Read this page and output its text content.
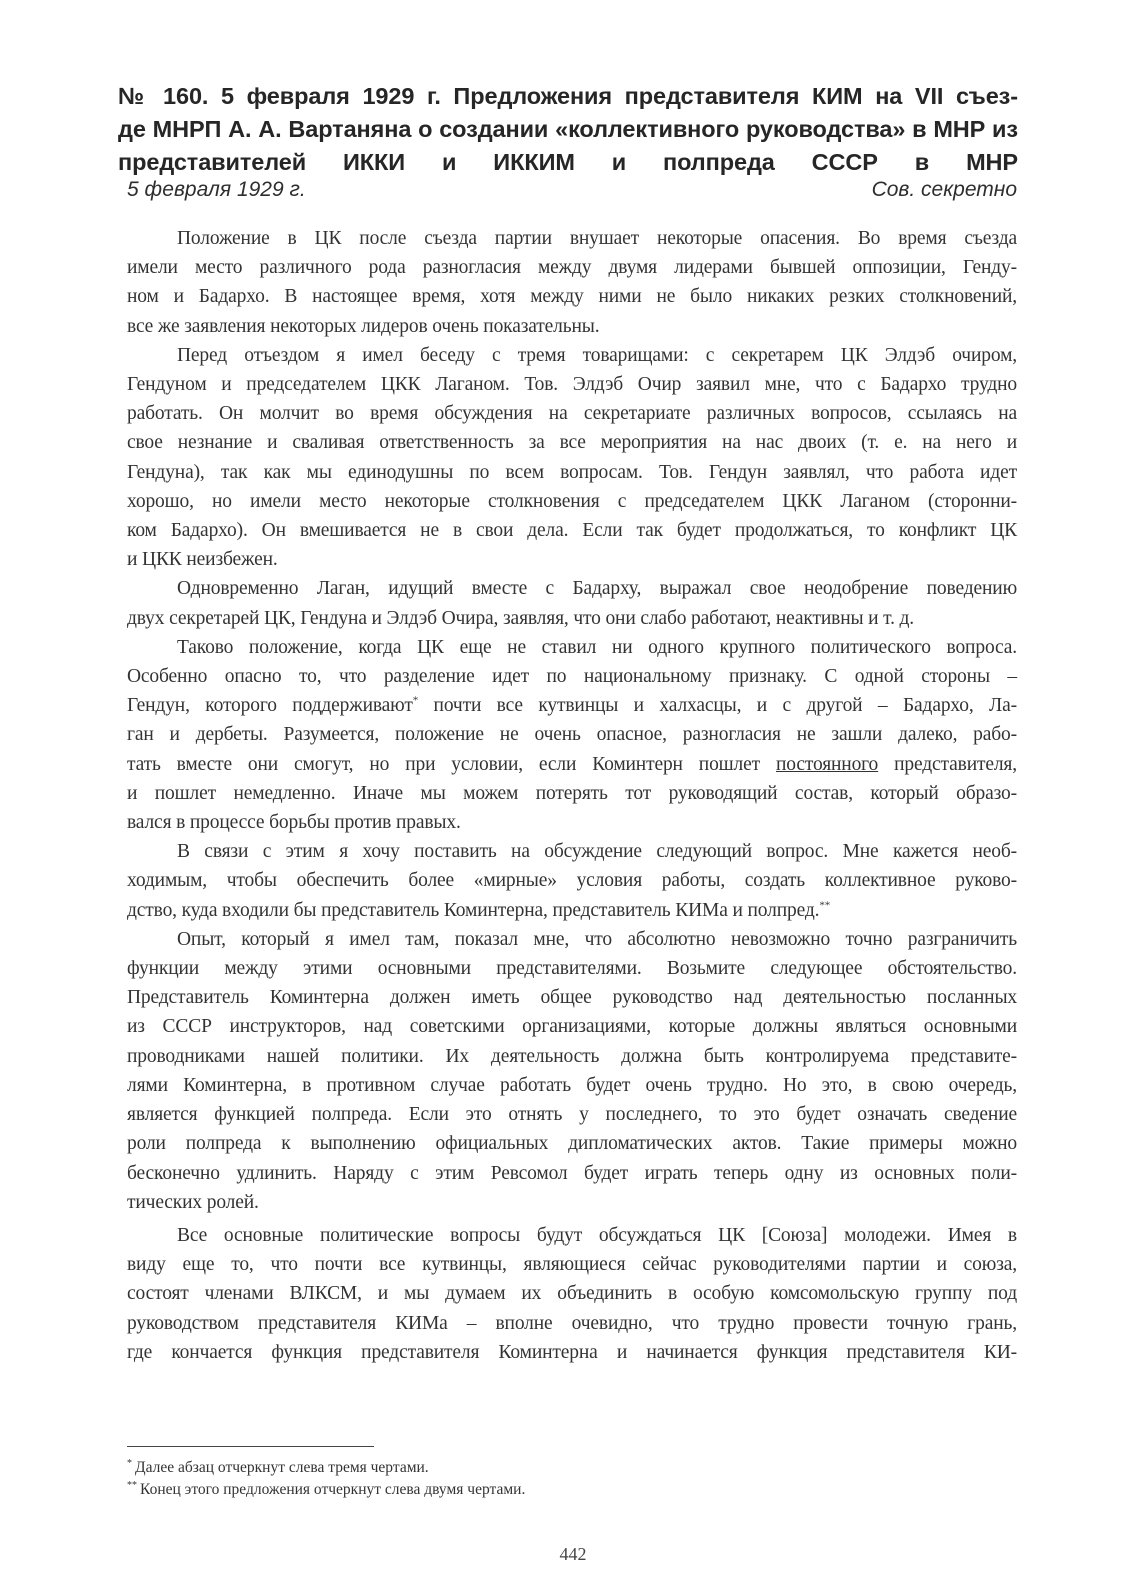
№ 160. 5 февраля 1929 г. Предложения представителя КИМ на VII съез-
де МНРП А. А. Вартаняна о создании «коллективного руководства» в МНР из
представителей ИККИ и ИККИМ и полпреда СССР в МНР
5 февраля 1929 г.	Сов. секретно
Положение в ЦК после съезда партии внушает некоторые опасения. Во время съезда
имели место различного рода разногласия между двумя лидерами бывшей оппозиции, Генду-
ном и Бадархо. В настоящее время, хотя между ними не было никаких резких столкновений,
все же заявления некоторых лидеров очень показательны.
Перед отъездом я имел беседу с тремя товарищами: с секретарем ЦК Элдэб очиром,
Гендуном и председателем ЦКК Лаганом. Тов. Элдэб Очир заявил мне, что с Бадархо трудно
работать. Он молчит во время обсуждения на секретариате различных вопросов, ссылаясь на
свое незнание и сваливая ответственность за все мероприятия на нас двоих (т. е. на него и
Гендуна), так как мы единодушны по всем вопросам. Тов. Гендун заявлял, что работа идет
хорошо, но имели место некоторые столкновения с председателем ЦКК Лаганом (сторонни-
ком Бадархо). Он вмешивается не в свои дела. Если так будет продолжаться, то конфликт ЦК
и ЦКК неизбежен.
Одновременно Лаган, идущий вместе с Бадарху, выражал свое неодобрение поведению
двух секретарей ЦК, Гендуна и Элдэб Очира, заявляя, что они слабо работают, неактивны и т. д.
Таково положение, когда ЦК еще не ставил ни одного крупного политического вопроса.
Особенно опасно то, что разделение идет по национальному признаку. С одной стороны –
Гендун, которого поддерживают* почти все кутвинцы и халхасцы, и с другой – Бадархо, Ла-
ган и дербеты. Разумеется, положение не очень опасное, разногласия не зашли далеко, рабо-
тать вместе они смогут, но при условии, если Коминтерн пошлет постоянного представителя,
и пошлет немедленно. Иначе мы можем потерять тот руководящий состав, который образо-
вался в процессе борьбы против правых.
В связи с этим я хочу поставить на обсуждение следующий вопрос. Мне кажется необ-
ходимым, чтобы обеспечить более «мирные» условия работы, создать коллективное руково-
дство, куда входили бы представитель Коминтерна, представитель КИМа и полпред.**
Опыт, который я имел там, показал мне, что абсолютно невозможно точно разграничить
функции между этими основными представителями. Возьмите следующее обстоятельство.
Представитель Коминтерна должен иметь общее руководство над деятельностью посланных
из СССР инструкторов, над советскими организациями, которые должны являться основными
проводниками нашей политики. Их деятельность должна быть контролируема представите-
лями Коминтерна, в противном случае работать будет очень трудно. Но это, в свою очередь,
является функцией полпреда. Если это отнять у последнего, то это будет означать сведение
роли полпреда к выполнению официальных дипломатических актов. Такие примеры можно
бесконечно удлинить. Наряду с этим Ревсомол будет играть теперь одну из основных поли-
тических ролей.
Все основные политические вопросы будут обсуждаться ЦК [Союза] молодежи. Имея в
виду еще то, что почти все кутвинцы, являющиеся сейчас руководителями партии и союза,
состоят членами ВЛКСМ, и мы думаем их объединить в особую комсомольскую группу под
руководством представителя КИМа – вполне очевидно, что трудно провести точную грань,
где кончается функция представителя Коминтерна и начинается функция представителя КИ-
* Далее абзац отчеркнут слева тремя чертами.
** Конец этого предложения отчеркнут слева двумя чертами.
442
